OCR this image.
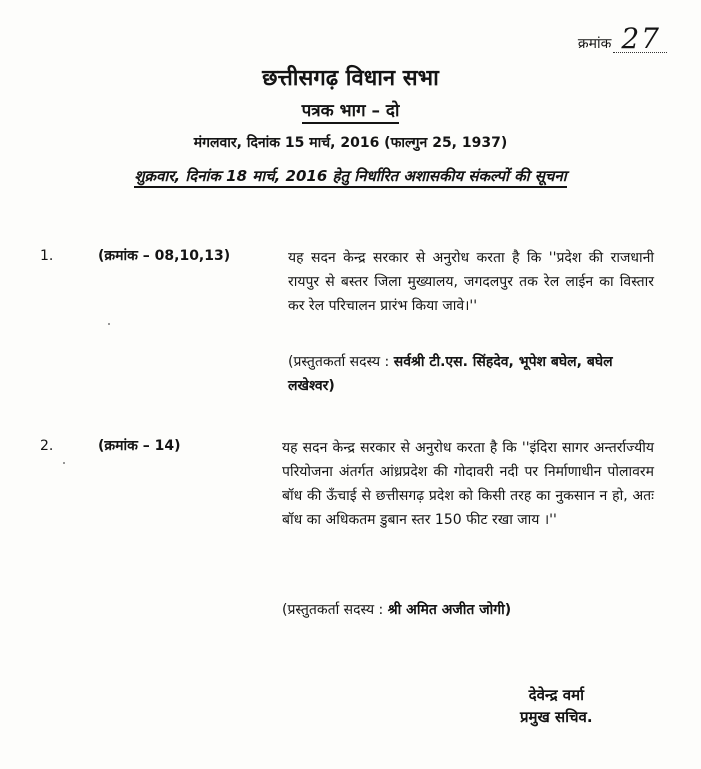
क्रमांक 27
छत्तीसगढ़ विधान सभा
पत्रक भाग – दो
मंगलवार, दिनांक 15 मार्च, 2016 (फाल्गुन 25, 1937)
शुक्रवार, दिनांक 18 मार्च, 2016 हेतु निर्धारित अशासकीय संकल्पों की सूचना
1.	(क्रमांक – 08,10,13)	यह सदन केन्द्र सरकार से अनुरोध करता है कि ''प्रदेश की राजधानी रायपुर से बस्तर जिला मुख्यालय, जगदलपुर तक रेल लाईन का विस्तार कर रेल परिचालन प्रारंभ किया जावे।''
(प्रस्तुतकर्ता सदस्य : सर्वश्री टी.एस. सिंहदेव, भूपेश बघेल, बघेल लखेश्वर)
2.	(क्रमांक – 14)	यह सदन केन्द्र सरकार से अनुरोध करता है कि ''इंदिरा सागर अन्तर्राज्यीय परियोजना अंतर्गत आंध्रप्रदेश की गोदावरी नदी पर निर्माणाधीन पोलावरम बॉध की ऊँचाई से छत्तीसगढ़ प्रदेश को किसी तरह का नुकसान न हो, अतः बॉध का अधिकतम डुबान स्तर 150 फीट रखा जाय ।''
(प्रस्तुतकर्ता सदस्य : श्री अमित अजीत जोगी)
देवेन्द्र वर्मा
प्रमुख सचिव.
